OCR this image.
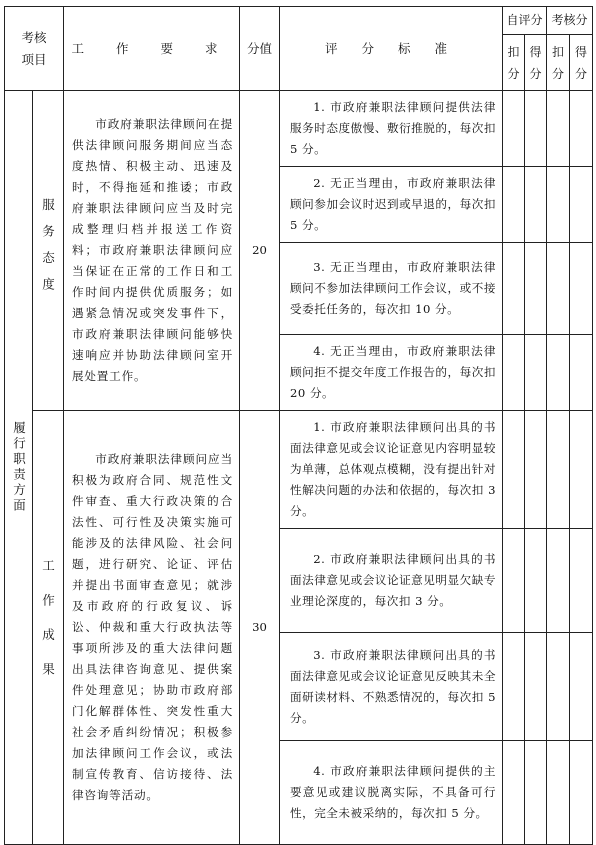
考核项目		工 作 要 求	分值	评 分 标 准	自评分		考核分	

					扣分	得分	扣分	得分

履行职责方面	服务态度	市政府兼职法律顾问在提供法律顾问服务期间应当态度热情、积极主动、迅速及时，不得拖延和推诿；市政府兼职法律顾问应当及时完成整理归档并报送工作资料；市政府兼职法律顾问应当保证在正常的工作日和工作时间内提供优质服务；如遇紧急情况或突发事件下，市政府兼职法律顾问能够快速响应并协助法律顾问室开展处置工作。	20	1. 市政府兼职法律顾问提供法律服务时态度傲慢、敷衍推脱的，每次扣 5 分。				
				2. 无正当理由，市政府兼职法律顾问参加会议时迟到或早退的，每次扣 5 分。				
				3. 无正当理由，市政府兼职法律顾问不参加法律顾问工作会议，或不接受委托任务的，每次扣 10 分。				
				4. 无正当理由，市政府兼职法律顾问拒不提交年度工作报告的，每次扣 20 分。				

	工作成果	市政府兼职法律顾问应当积极为政府合同、规范性文件审查、重大行政决策的合法性、可行性及决策实施可能涉及的法律风险、社会问题，进行研究、论证、评估并提出书面审查意见；就涉及市政府的行政复议、诉讼、仲裁和重大行政执法等事项所涉及的重大法律问题出具法律咨询意见、提供案件处理意见；协助市政府部门化解群体性、突发性重大社会矛盾纠纷情况；积极参加法律顾问工作会议，或法制宣传教育、信访接待、法律咨询等活动。	30	1. 市政府兼职法律顾问出具的书面法律意见或会议论证意见内容明显较为单薄，总体观点模糊，没有提出针对性解决问题的办法和依据的，每次扣 3 分。				
				2. 市政府兼职法律顾问出具的书面法律意见或会议论证意见明显欠缺专业理论深度的，每次扣 3 分。				
				3. 市政府兼职法律顾问出具的书面法律意见或会议论证意见反映其未全面研读材料、不熟悉情况的，每次扣 5 分。				
				4. 市政府兼职法律顾问提供的主要意见或建议脱离实际，不具备可行性，完全未被采纳的，每次扣 5 分。				
